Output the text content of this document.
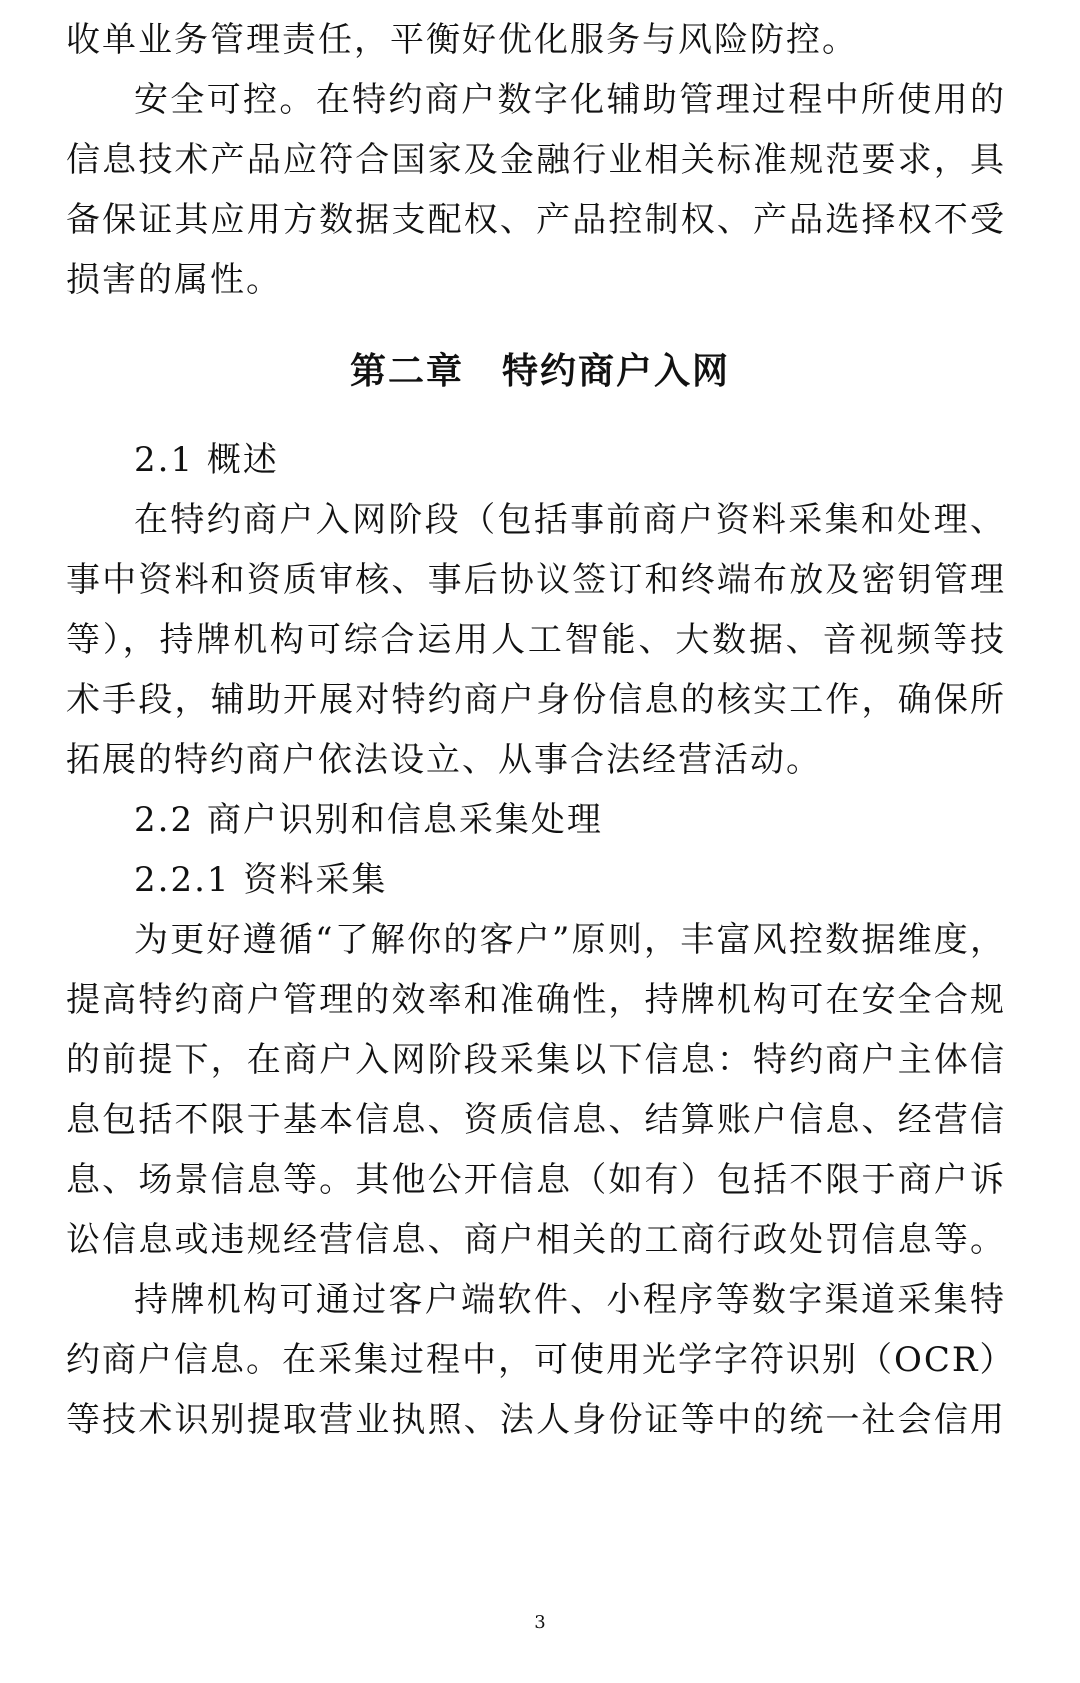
收单业务管理责任，平衡好优化服务与风险防控。
安全可控。在特约商户数字化辅助管理过程中所使用的
信息技术产品应符合国家及金融行业相关标准规范要求，具
备保证其应用方数据支配权、产品控制权、产品选择权不受
损害的属性。
第二章　特约商户入网
2.1 概述
在特约商户入网阶段（包括事前商户资料采集和处理、
事中资料和资质审核、事后协议签订和终端布放及密钥管理
等），持牌机构可综合运用人工智能、大数据、音视频等技
术手段，辅助开展对特约商户身份信息的核实工作，确保所
拓展的特约商户依法设立、从事合法经营活动。
2.2 商户识别和信息采集处理
2.2.1 资料采集
为更好遵循“了解你的客户”原则，丰富风控数据维度，
提高特约商户管理的效率和准确性，持牌机构可在安全合规
的前提下，在商户入网阶段采集以下信息：特约商户主体信
息包括不限于基本信息、资质信息、结算账户信息、经营信
息、场景信息等。其他公开信息（如有）包括不限于商户诉
讼信息或违规经营信息、商户相关的工商行政处罚信息等。
持牌机构可通过客户端软件、小程序等数字渠道采集特
约商户信息。在采集过程中，可使用光学字符识别（OCR）
等技术识别提取营业执照、法人身份证等中的统一社会信用
3
